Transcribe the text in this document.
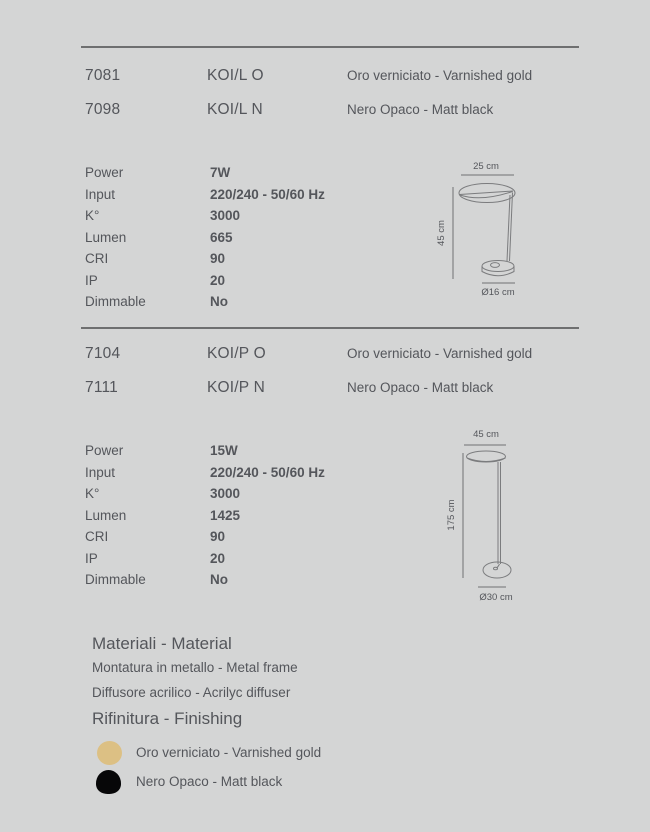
7081	KOI/L O	Oro verniciato - Varnished gold
7098	KOI/L N	Nero Opaco - Matt black
Power	7W
Input	220/240 - 50/60 Hz
K°	3000
Lumen	665
CRI	90
IP	20
Dimmable	No
25 cm
45 cm
Ø16 cm
7104	KOI/P O	Oro verniciato - Varnished gold
7111	KOI/P N	Nero Opaco - Matt black
Power	15W
Input	220/240 - 50/60 Hz
K°	3000
Lumen	1425
CRI	90
IP	20
Dimmable	No
45 cm
175 cm
Ø30 cm
Materiali - Material
Montatura in metallo - Metal frame
Diffusore acrilico - Acrilyc diffuser
Rifinitura - Finishing
Oro verniciato - Varnished gold
Nero Opaco - Matt black
